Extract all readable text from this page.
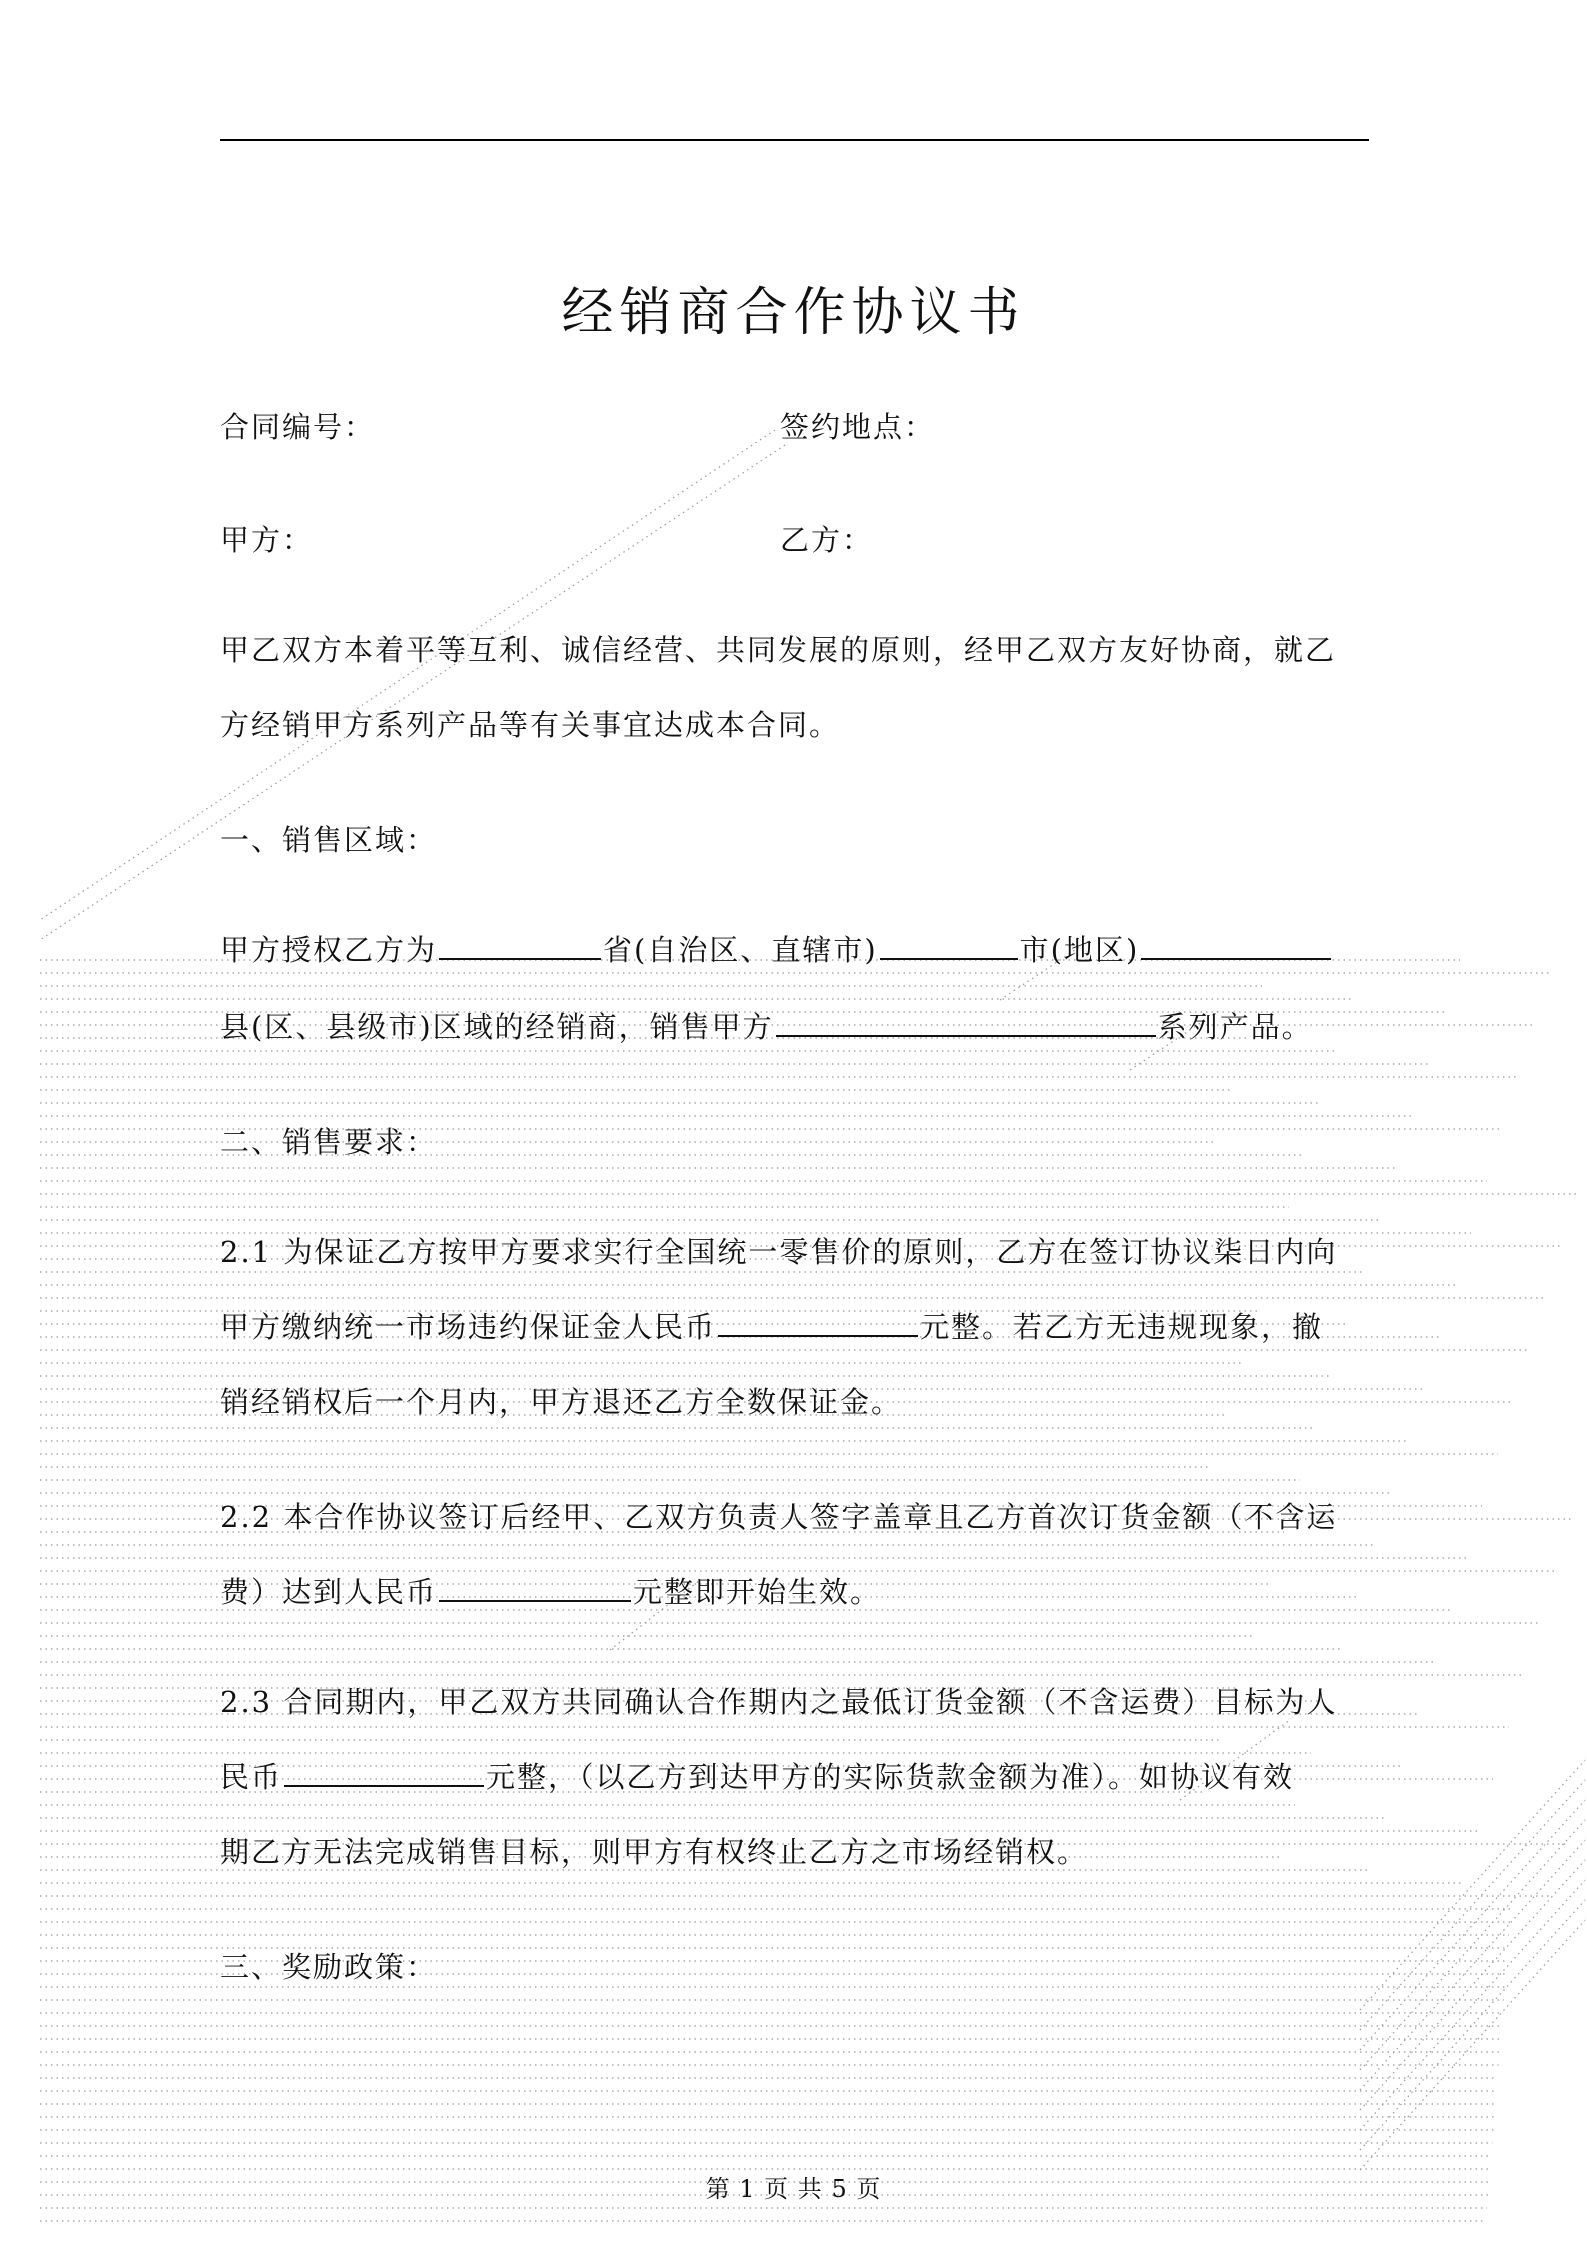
经销商合作协议书
合同编号：	签约地点：
甲方：	乙方：
甲乙双方本着平等互利、诚信经营、共同发展的原则，经甲乙双方友好协商，就乙
方经销甲方系列产品等有关事宜达成本合同。
一、销售区域：
甲方授权乙方为	省(自治区、直辖市)	市(地区)
县(区、县级市)区域的经销商，销售甲方	系列产品。
二、销售要求：
2.1 为保证乙方按甲方要求实行全国统一零售价的原则，乙方在签订协议柒日内向
甲方缴纳统一市场违约保证金人民币	元整。若乙方无违规现象，撤
销经销权后一个月内，甲方退还乙方全数保证金。
2.2 本合作协议签订后经甲、乙双方负责人签字盖章且乙方首次订货金额（不含运
费）达到人民币	元整即开始生效。
2.3 合同期内，甲乙双方共同确认合作期内之最低订货金额（不含运费）目标为人
民币	元整，（以乙方到达甲方的实际货款金额为准）。如协议有效
期乙方无法完成销售目标，则甲方有权终止乙方之市场经销权。
三、奖励政策：
第 1 页 共 5 页
